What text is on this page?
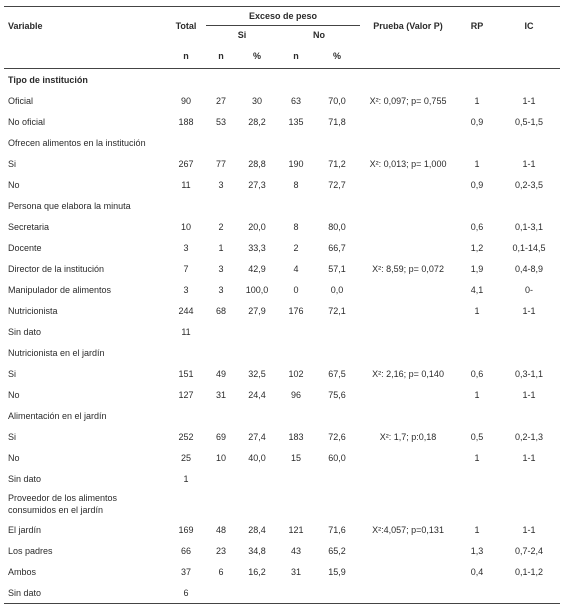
Variable	Total	Exceso de peso				Prueba (Valor P)	RP	IC
		Si		No				
	n	n	%	n	%			
Tipo de institución								
Oficial	90	27	30	63	70,0	X²: 0,097; p= 0,755	1	1-1
No oficial	188	53	28,2	135	71,8		0,9	0,5-1,5
Ofrecen alimentos en la institución								
Si	267	77	28,8	190	71,2	X²: 0,013; p= 1,000	1	1-1
No	11	3	27,3	8	72,7		0,9	0,2-3,5
Persona que elabora la minuta								
Secretaria	10	2	20,0	8	80,0		0,6	0,1-3,1
Docente	3	1	33,3	2	66,7		1,2	0,1-14,5
Director de la institución	7	3	42,9	4	57,1	X²: 8,59; p= 0,072	1,9	0,4-8,9
Manipulador de alimentos	3	3	100,0	0	0,0		4,1	0-
Nutricionista	244	68	27,9	176	72,1		1	1-1
Sin dato	11							
Nutricionista en el jardín								
Si	151	49	32,5	102	67,5	X²: 2,16; p= 0,140	0,6	0,3-1,1
No	127	31	24,4	96	75,6		1	1-1
Alimentación en el jardín								
Si	252	69	27,4	183	72,6	X²: 1,7; p:0,18	0,5	0,2-1,3
No	25	10	40,0	15	60,0		1	1-1
Sin dato	1							
Proveedor de los alimentos
consumidos en el jardín								
El jardín	169	48	28,4	121	71,6	X²:4,057; p=0,131	1	1-1
Los padres	66	23	34,8	43	65,2		1,3	0,7-2,4
Ambos	37	6	16,2	31	15,9		0,4	0,1-1,2
Sin dato	6							
